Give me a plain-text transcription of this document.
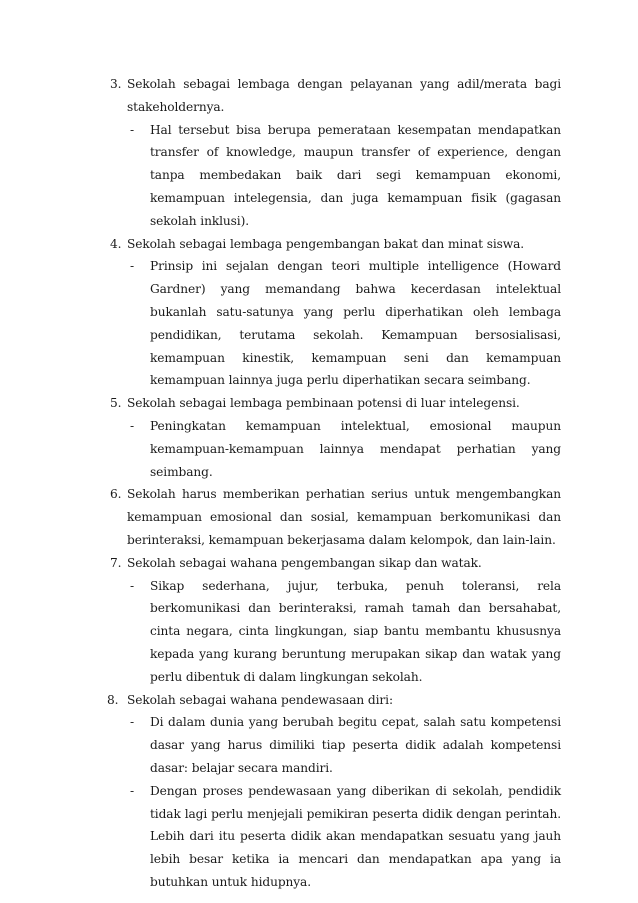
3. Sekolah sebagai lembaga dengan pelayanan yang adil/merata bagi stakeholdernya.
- Hal tersebut bisa berupa pemerataan kesempatan mendapatkan transfer of knowledge, maupun transfer of experience, dengan tanpa membedakan baik dari segi kemampuan ekonomi, kemampuan intelegensia, dan juga kemampuan fisik (gagasan sekolah inklusi).
4. Sekolah sebagai lembaga pengembangan bakat dan minat siswa.
- Prinsip ini sejalan dengan teori multiple intelligence (Howard Gardner) yang memandang bahwa kecerdasan intelektual bukanlah satu-satunya yang perlu diperhatikan oleh lembaga pendidikan, terutama sekolah. Kemampuan bersosialisasi, kemampuan kinestik, kemampuan seni dan kemampuan kemampuan lainnya juga perlu diperhatikan secara seimbang.
5. Sekolah sebagai lembaga pembinaan potensi di luar intelegensi.
- Peningkatan kemampuan intelektual, emosional maupun kemampuan-kemampuan lainnya mendapat perhatian yang seimbang.
6. Sekolah harus memberikan perhatian serius untuk mengembangkan kemampuan emosional dan sosial, kemampuan berkomunikasi dan berinteraksi, kemampuan bekerjasama dalam kelompok, dan lain-lain.
7. Sekolah sebagai wahana pengembangan sikap dan watak.
- Sikap sederhana, jujur, terbuka, penuh toleransi, rela berkomunikasi dan berinteraksi, ramah tamah dan bersahabat, cinta negara, cinta lingkungan, siap bantu membantu khususnya kepada yang kurang beruntung merupakan sikap dan watak yang perlu dibentuk di dalam lingkungan sekolah.
8. Sekolah sebagai wahana pendewasaan diri:
- Di dalam dunia yang berubah begitu cepat, salah satu kompetensi dasar yang harus dimiliki tiap peserta didik adalah kompetensi dasar: belajar secara mandiri.
- Dengan proses pendewasaan yang diberikan di sekolah, pendidik tidak lagi perlu menjejali pemikiran peserta didik dengan perintah. Lebih dari itu peserta didik akan mendapatkan sesuatu yang jauh lebih besar ketika ia mencari dan mendapatkan apa yang ia butuhkan untuk hidupnya.
